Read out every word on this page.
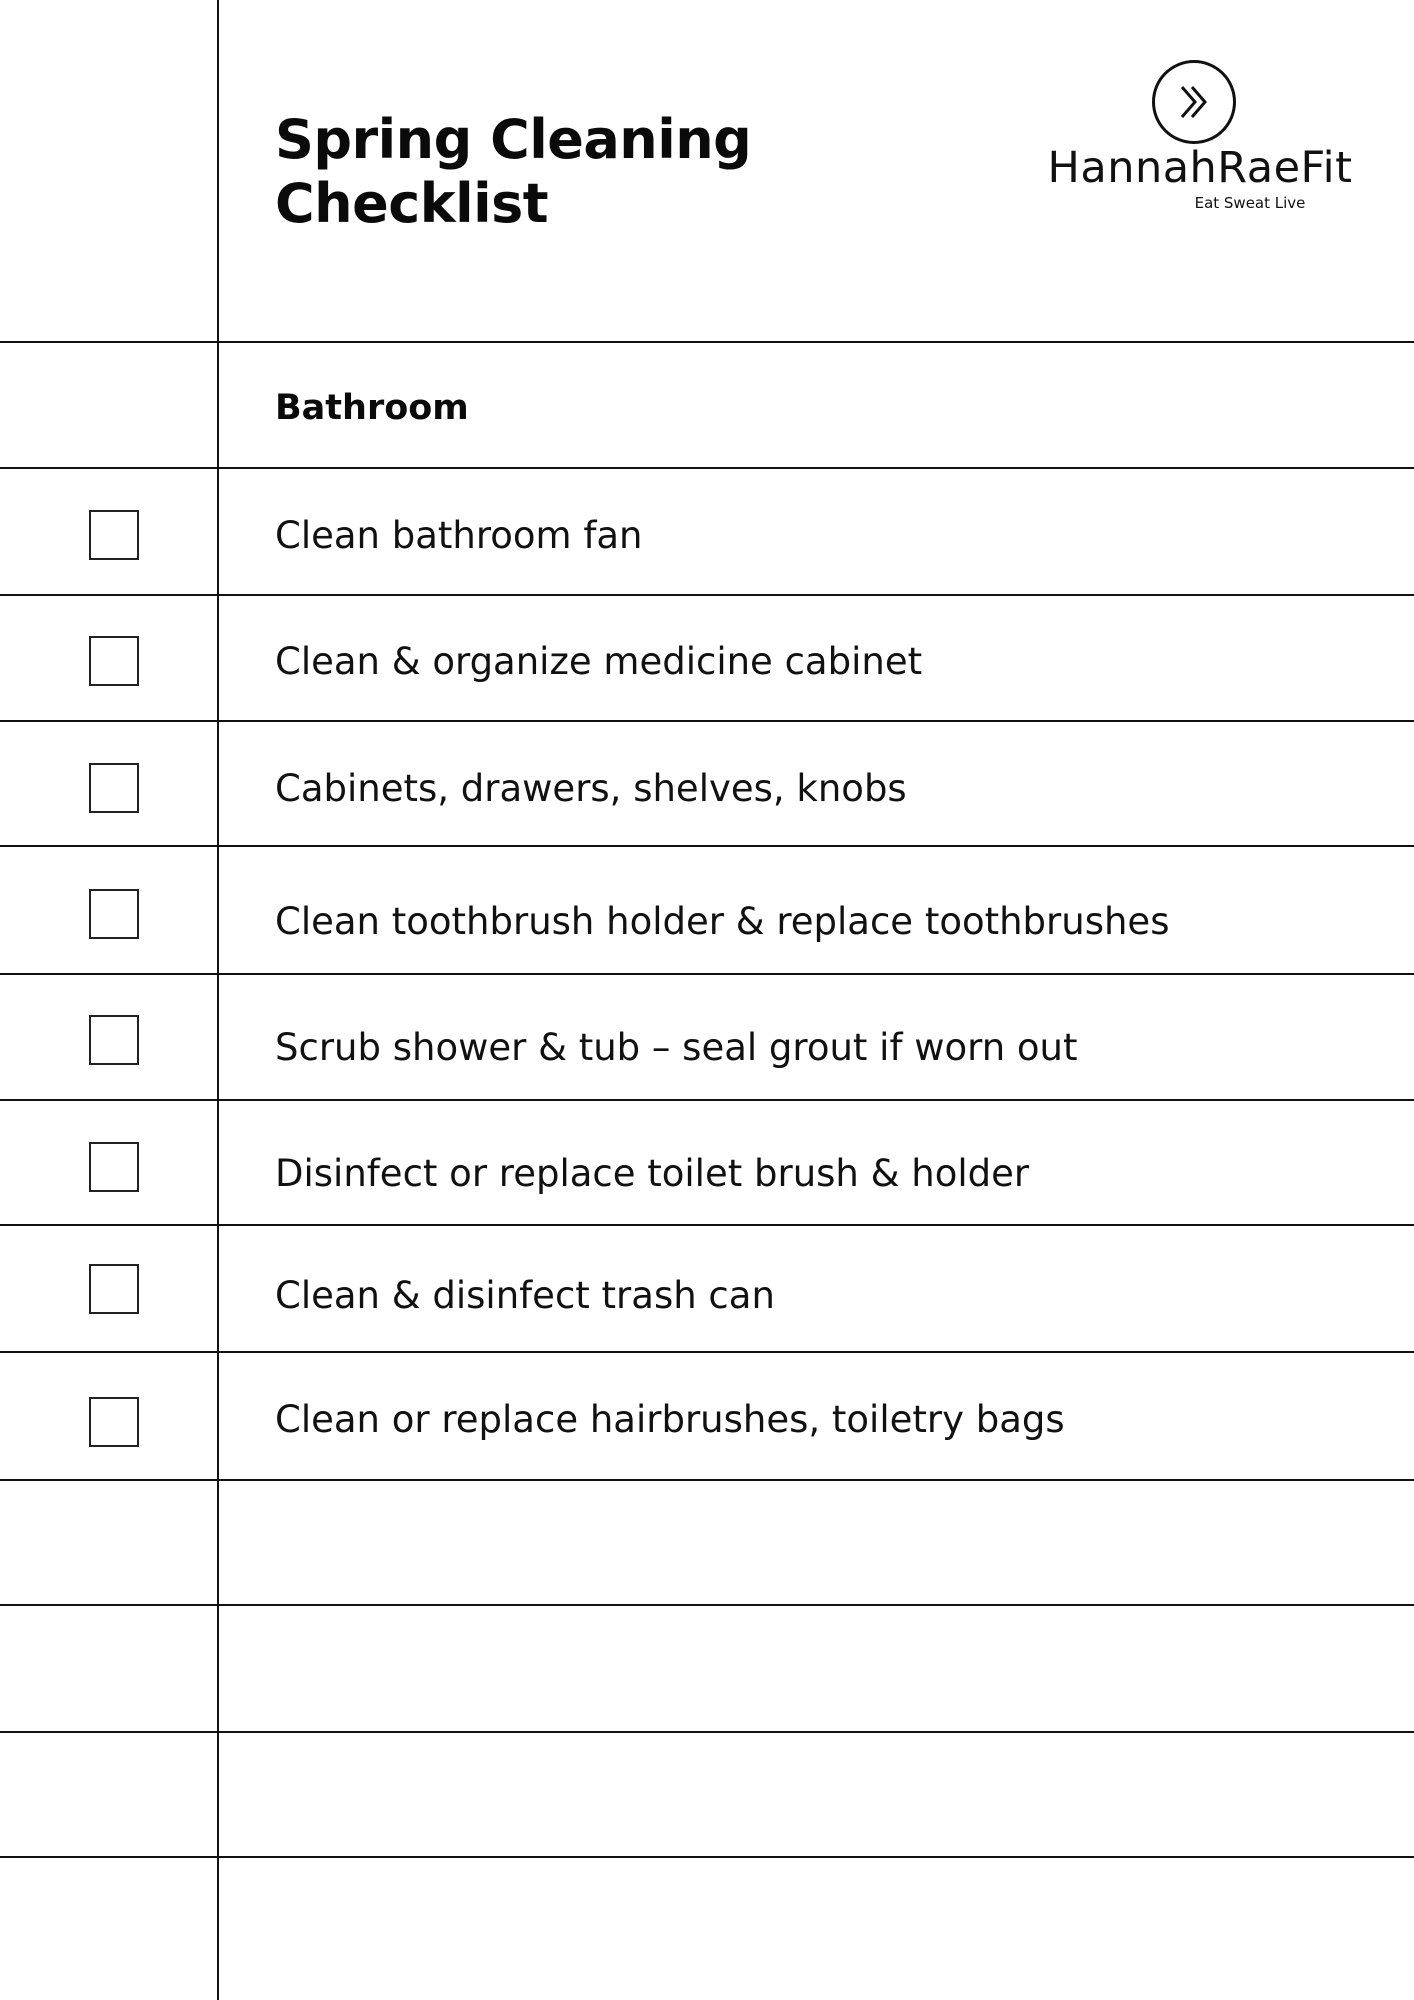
Spring Cleaning
Checklist
HannahRaeFit
Eat Sweat Live
Bathroom
Clean bathroom fan
Clean & organize medicine cabinet
Cabinets, drawers, shelves, knobs
Clean toothbrush holder & replace toothbrushes
Scrub shower & tub – seal grout if worn out
Disinfect or replace toilet brush & holder
Clean & disinfect trash can
Clean or replace hairbrushes, toiletry bags
